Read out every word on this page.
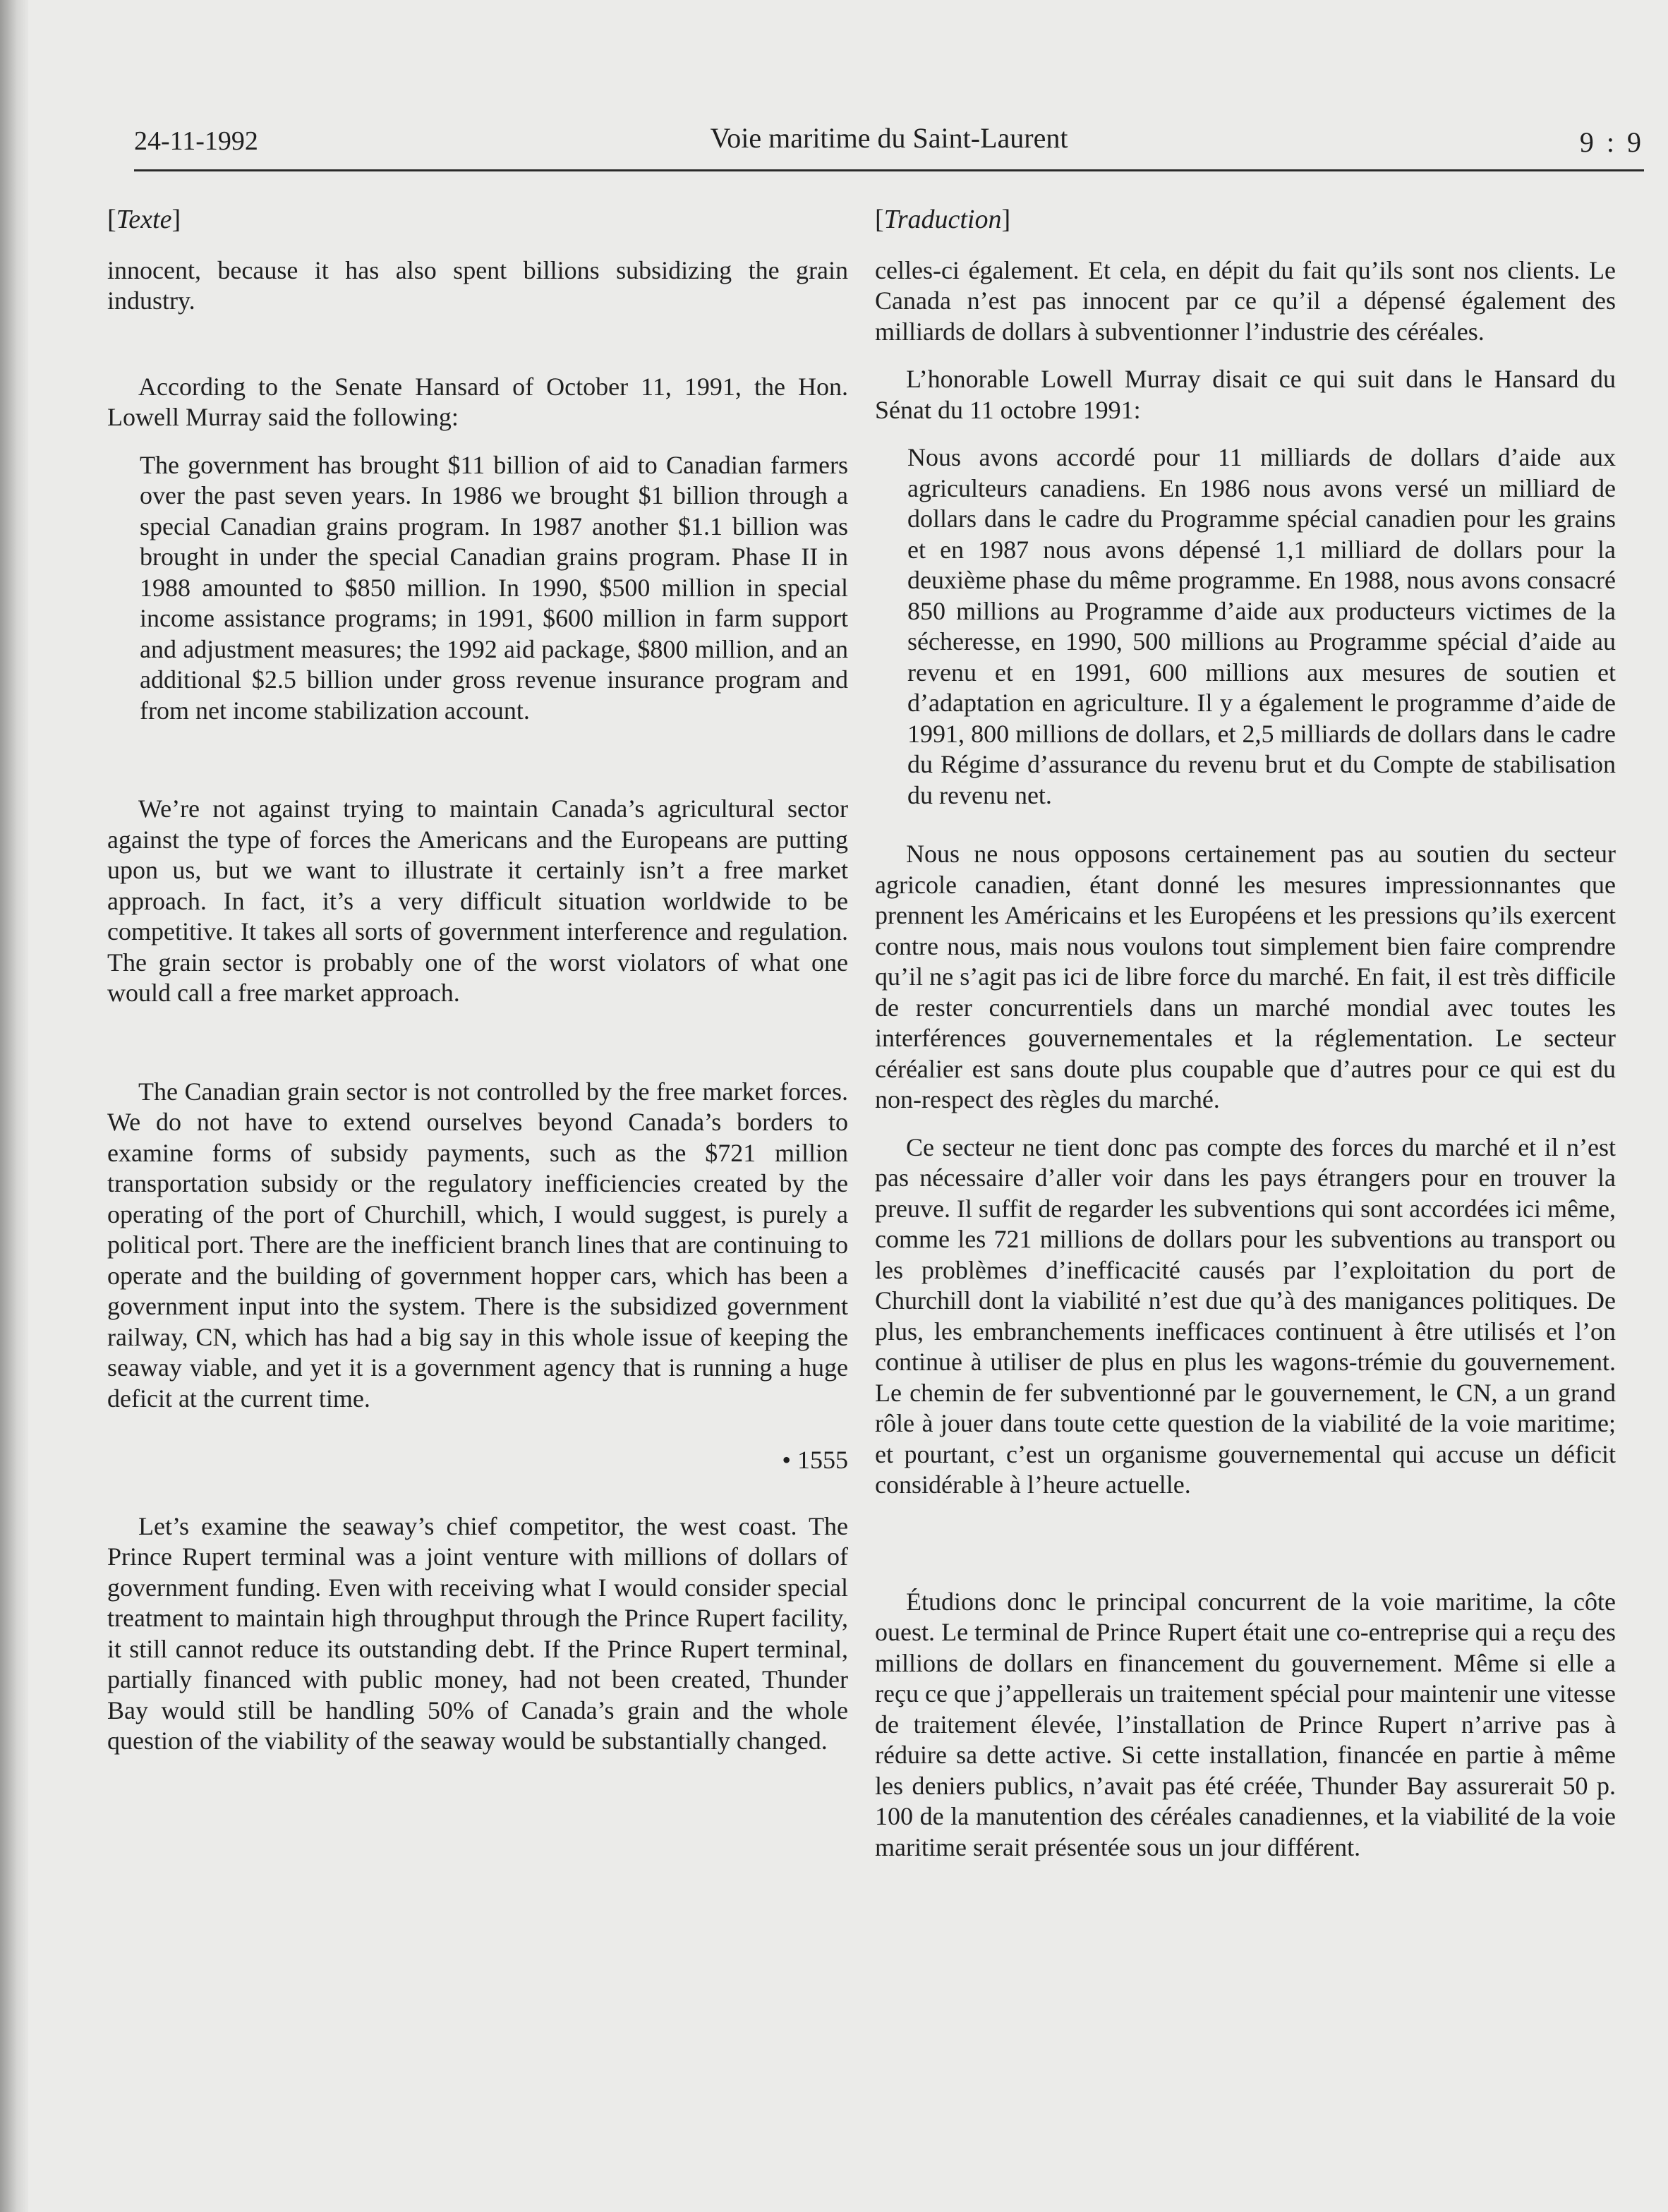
24-11-1992	Voie maritime du Saint-Laurent	9 : 9

[Texte]

innocent, because it has also spent billions subsidizing the grain industry.

According to the Senate Hansard of October 11, 1991, the Hon. Lowell Murray said the following:

The government has brought $11 billion of aid to Canadian farmers over the past seven years. In 1986 we brought $1 billion through a special Canadian grains program. In 1987 another $1.1 billion was brought in under the special Canadian grains program. Phase II in 1988 amounted to $850 million. In 1990, $500 million in special income assistance programs; in 1991, $600 million in farm support and adjustment measures; the 1992 aid package, $800 million, and an additional $2.5 billion under gross revenue insurance program and from net income stabilization account.

We’re not against trying to maintain Canada’s agricultural sector against the type of forces the Americans and the Europeans are putting upon us, but we want to illustrate it certainly isn’t a free market approach. In fact, it’s a very difficult situation worldwide to be competitive. It takes all sorts of government interference and regulation. The grain sector is probably one of the worst violators of what one would call a free market approach.

The Canadian grain sector is not controlled by the free market forces. We do not have to extend ourselves beyond Canada’s borders to examine forms of subsidy payments, such as the $721 million transportation subsidy or the regulatory inefficiencies created by the operating of the port of Churchill, which, I would suggest, is purely a political port. There are the inefficient branch lines that are continuing to operate and the building of government hopper cars, which has been a government input into the system. There is the subsidized government railway, CN, which has had a big say in this whole issue of keeping the seaway viable, and yet it is a government agency that is running a huge deficit at the current time.

• 1555

Let’s examine the seaway’s chief competitor, the west coast. The Prince Rupert terminal was a joint venture with millions of dollars of government funding. Even with receiving what I would consider special treatment to maintain high throughput through the Prince Rupert facility, it still cannot reduce its outstanding debt. If the Prince Rupert terminal, partially financed with public money, had not been created, Thunder Bay would still be handling 50% of Canada’s grain and the whole question of the viability of the seaway would be substantially changed.

[Traduction]

celles-ci également. Et cela, en dépit du fait qu’ils sont nos clients. Le Canada n’est pas innocent par ce qu’il a dépensé également des milliards de dollars à subventionner l’industrie des céréales.

L’honorable Lowell Murray disait ce qui suit dans le Hansard du Sénat du 11 octobre 1991:

Nous avons accordé pour 11 milliards de dollars d’aide aux agriculteurs canadiens. En 1986 nous avons versé un milliard de dollars dans le cadre du Programme spécial canadien pour les grains et en 1987 nous avons dépensé 1,1 milliard de dollars pour la deuxième phase du même programme. En 1988, nous avons consacré 850 millions au Programme d’aide aux producteurs victimes de la sécheresse, en 1990, 500 millions au Programme spécial d’aide au revenu et en 1991, 600 millions aux mesures de soutien et d’adaptation en agriculture. Il y a également le programme d’aide de 1991, 800 millions de dollars, et 2,5 milliards de dollars dans le cadre du Régime d’assurance du revenu brut et du Compte de stabilisation du revenu net.

Nous ne nous opposons certainement pas au soutien du secteur agricole canadien, étant donné les mesures impressionnantes que prennent les Américains et les Européens et les pressions qu’ils exercent contre nous, mais nous voulons tout simplement bien faire comprendre qu’il ne s’agit pas ici de libre force du marché. En fait, il est très difficile de rester concurrentiels dans un marché mondial avec toutes les interférences gouvernementales et la réglementation. Le secteur céréalier est sans doute plus coupable que d’autres pour ce qui est du non-respect des règles du marché.

Ce secteur ne tient donc pas compte des forces du marché et il n’est pas nécessaire d’aller voir dans les pays étrangers pour en trouver la preuve. Il suffit de regarder les subventions qui sont accordées ici même, comme les 721 millions de dollars pour les subventions au transport ou les problèmes d’inefficacité causés par l’exploitation du port de Churchill dont la viabilité n’est due qu’à des manigances politiques. De plus, les embranchements inefficaces continuent à être utilisés et l’on continue à utiliser de plus en plus les wagons-trémie du gouvernement. Le chemin de fer subventionné par le gouvernement, le CN, a un grand rôle à jouer dans toute cette question de la viabilité de la voie maritime; et pourtant, c’est un organisme gouvernemental qui accuse un déficit considérable à l’heure actuelle.

Étudions donc le principal concurrent de la voie maritime, la côte ouest. Le terminal de Prince Rupert était une co-entreprise qui a reçu des millions de dollars en financement du gouvernement. Même si elle a reçu ce que j’appellerais un traitement spécial pour maintenir une vitesse de traitement élevée, l’installation de Prince Rupert n’arrive pas à réduire sa dette active. Si cette installation, financée en partie à même les deniers publics, n’avait pas été créée, Thunder Bay assurerait 50 p. 100 de la manutention des céréales canadiennes, et la viabilité de la voie maritime serait présentée sous un jour différent.
